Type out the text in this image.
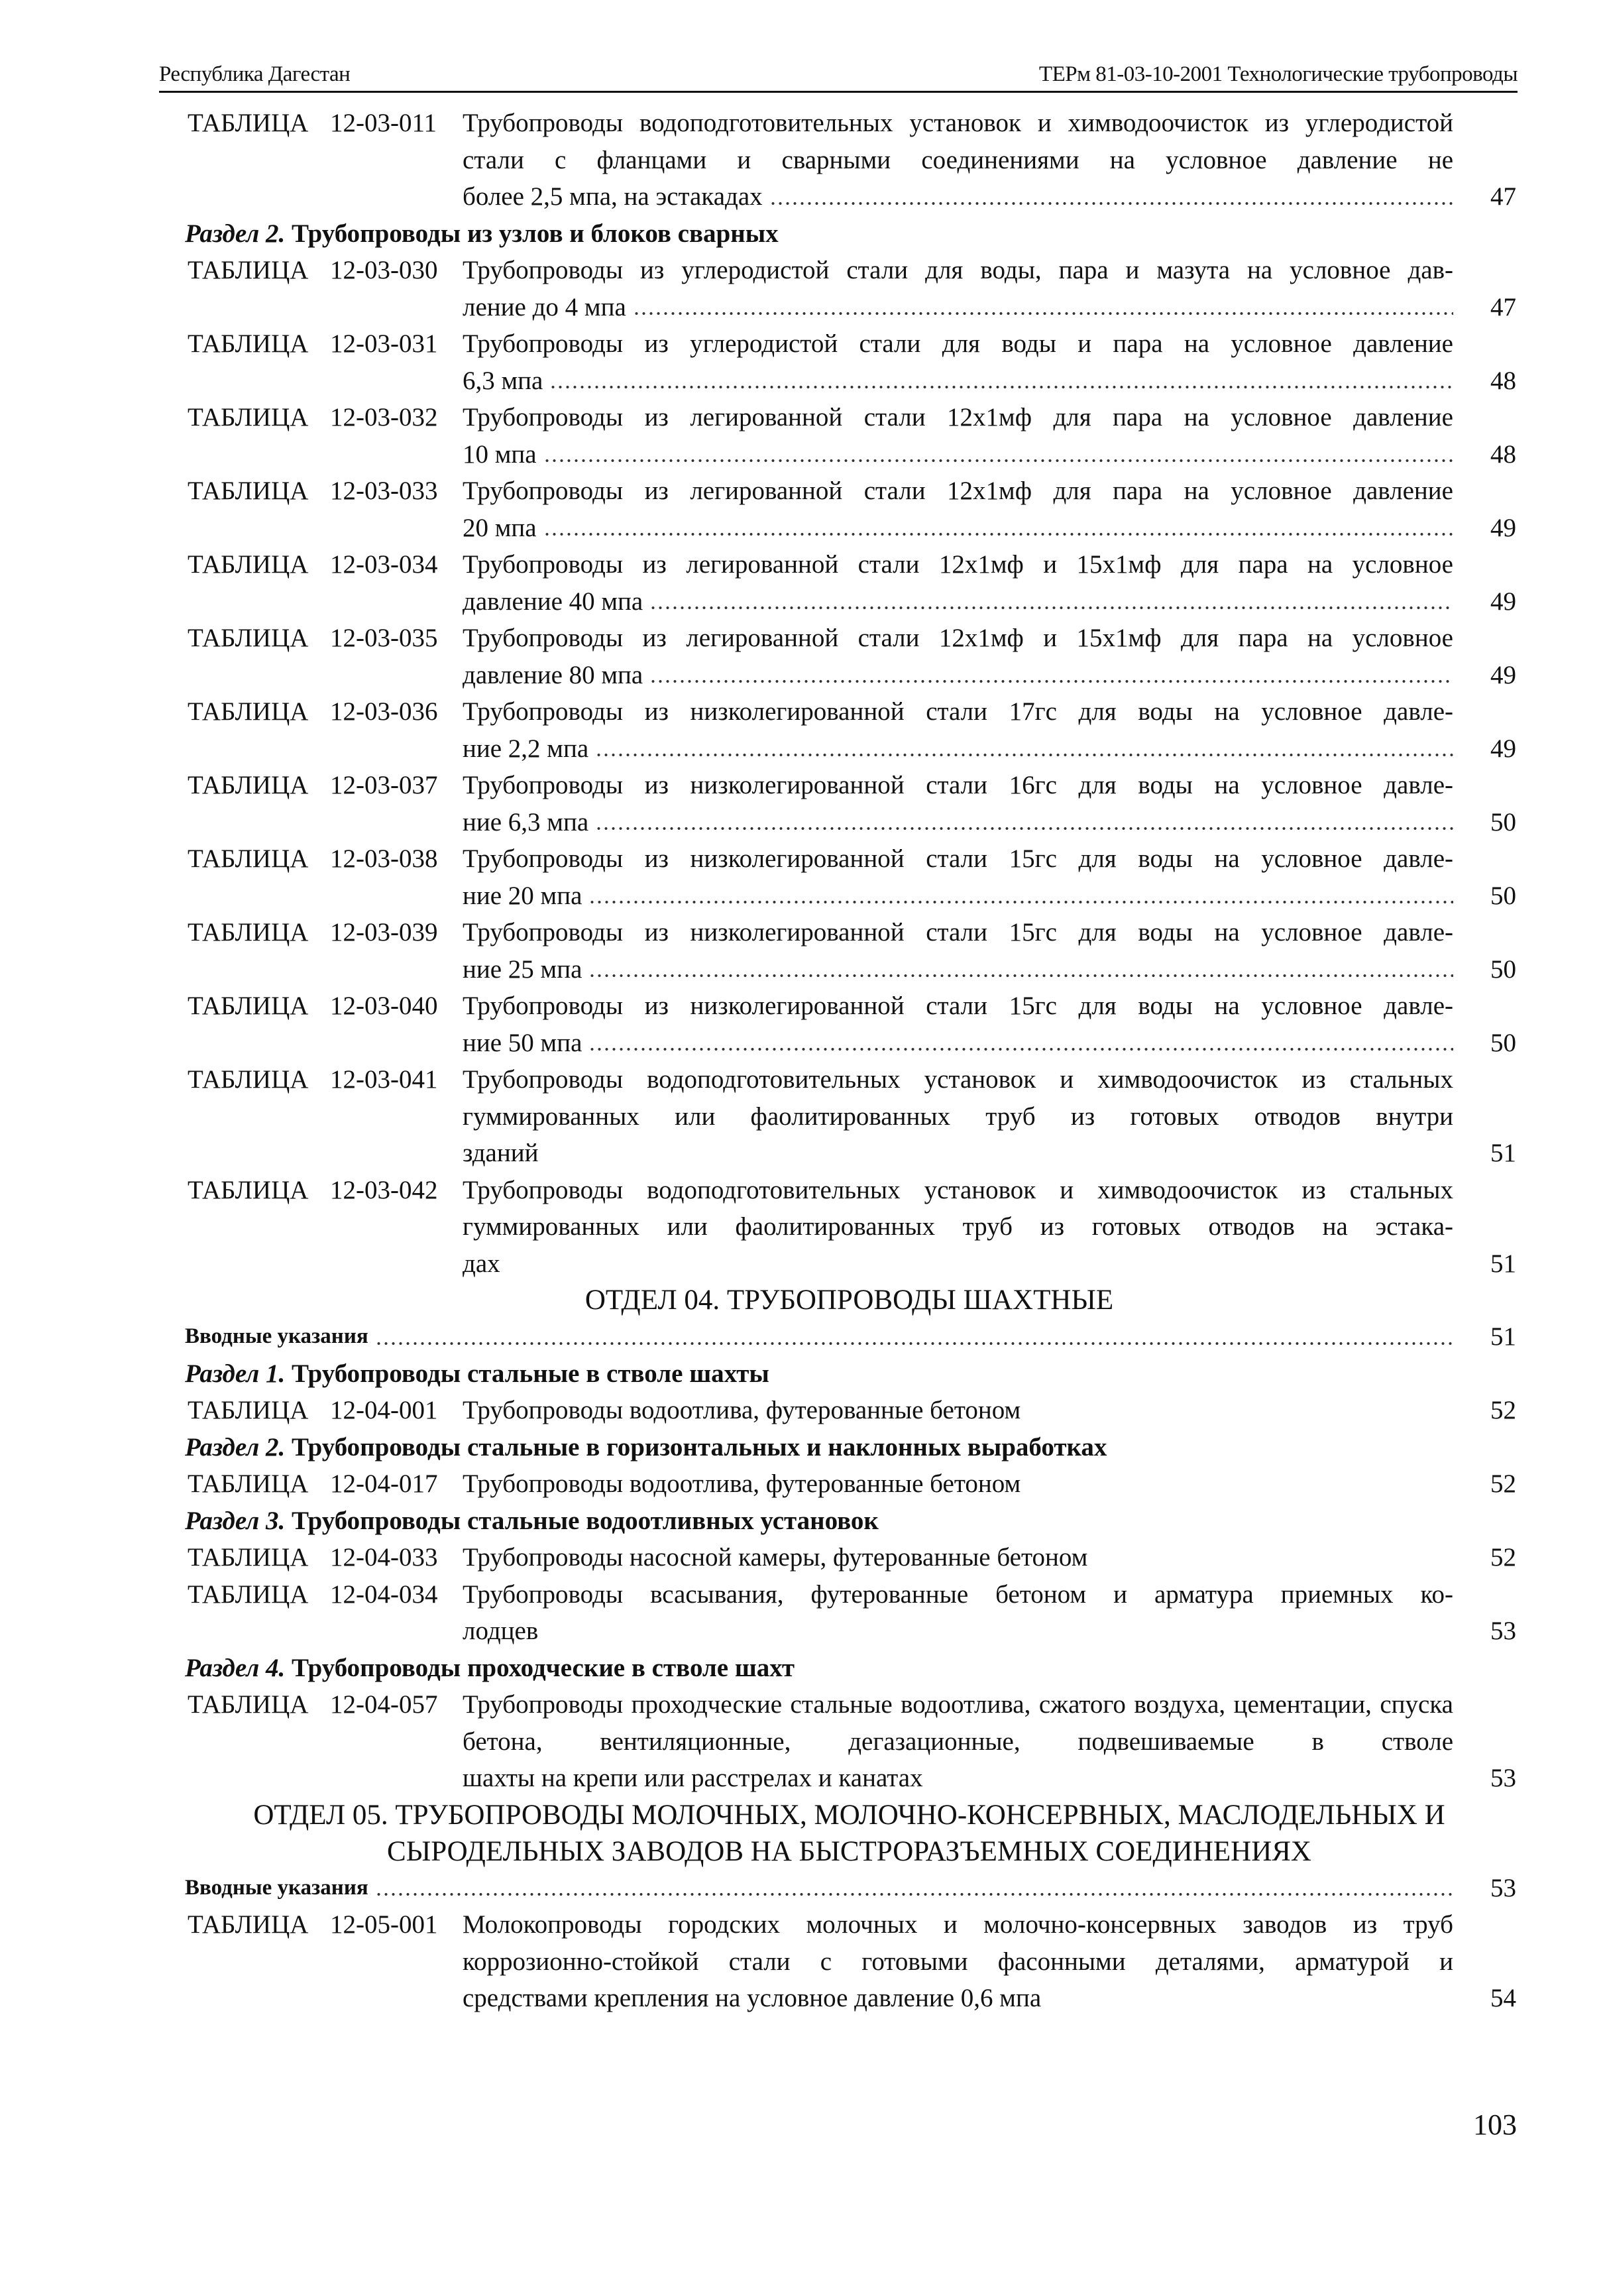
Республика Дагестан	ТЕРм 81-03-10-2001 Технологические трубопроводы
ТАБЛИЦА 12-03-011 Трубопроводы водоподготовительных установок и химводоочисток из углеродистой стали с фланцами и сварными соединениями на условное давление не
более 2,5 мпа, на эстакадах	47
Раздел 2. Трубопроводы из узлов и блоков сварных
ТАБЛИЦА 12-03-030 Трубопроводы из углеродистой стали для воды, пара и мазута на условное дав-
ление до 4 мпа	47
ТАБЛИЦА 12-03-031 Трубопроводы из углеродистой стали для воды и пара на условное давление
6,3 мпа	48
ТАБЛИЦА 12-03-032 Трубопроводы из легированной стали 12х1мф для пара на условное давление
10 мпа	48
ТАБЛИЦА 12-03-033 Трубопроводы из легированной стали 12х1мф для пара на условное давление
20 мпа	49
ТАБЛИЦА 12-03-034 Трубопроводы из легированной стали 12х1мф и 15х1мф для пара на условное
давление 40 мпа	49
ТАБЛИЦА 12-03-035 Трубопроводы из легированной стали 12х1мф и 15х1мф для пара на условное
давление 80 мпа	49
ТАБЛИЦА 12-03-036 Трубопроводы из низколегированной стали 17гс для воды на условное давле-
ние 2,2 мпа	49
ТАБЛИЦА 12-03-037 Трубопроводы из низколегированной стали 16гс для воды на условное давле-
ние 6,3 мпа	50
ТАБЛИЦА 12-03-038 Трубопроводы из низколегированной стали 15гс для воды на условное давле-
ние 20 мпа	50
ТАБЛИЦА 12-03-039 Трубопроводы из низколегированной стали 15гс для воды на условное давле-
ние 25 мпа	50
ТАБЛИЦА 12-03-040 Трубопроводы из низколегированной стали 15гс для воды на условное давле-
ние 50 мпа	50
ТАБЛИЦА 12-03-041 Трубопроводы водоподготовительных установок и химводоочисток из стальных гуммированных или фаолитированных труб из готовых отводов внутри
зданий	51
ТАБЛИЦА 12-03-042 Трубопроводы водоподготовительных установок и химводоочисток из стальных гуммированных или фаолитированных труб из готовых отводов на эстака-
дах	51
ОТДЕЛ 04. ТРУБОПРОВОДЫ ШАХТНЫЕ
Вводные указания	51
Раздел 1. Трубопроводы стальные в стволе шахты
ТАБЛИЦА 12-04-001 Трубопроводы водоотлива, футерованные бетоном	52
Раздел 2. Трубопроводы стальные в горизонтальных и наклонных выработках
ТАБЛИЦА 12-04-017 Трубопроводы водоотлива, футерованные бетоном	52
Раздел 3. Трубопроводы стальные водоотливных установок
ТАБЛИЦА 12-04-033 Трубопроводы насосной камеры, футерованные бетоном	52
ТАБЛИЦА 12-04-034 Трубопроводы всасывания, футерованные бетоном и арматура приемных ко-
лодцев	53
Раздел 4. Трубопроводы проходческие в стволе шахт
ТАБЛИЦА 12-04-057 Трубопроводы проходческие стальные водоотлива, сжатого воздуха, цементации, спуска бетона, вентиляционные, дегазационные, подвешиваемые в стволе
шахты на крепи или расстрелах и канатах	53
ОТДЕЛ 05. ТРУБОПРОВОДЫ МОЛОЧНЫХ, МОЛОЧНО-КОНСЕРВНЫХ, МАСЛОДЕЛЬНЫХ И
СЫРОДЕЛЬНЫХ ЗАВОДОВ НА БЫСТРОРАЗЪЕМНЫХ СОЕДИНЕНИЯХ
Вводные указания	53
ТАБЛИЦА 12-05-001 Молокопроводы городских молочных и молочно-консервных заводов из труб коррозионно-стойкой стали с готовыми фасонными деталями, арматурой и
средствами крепления на условное давление 0,6 мпа	54
103
